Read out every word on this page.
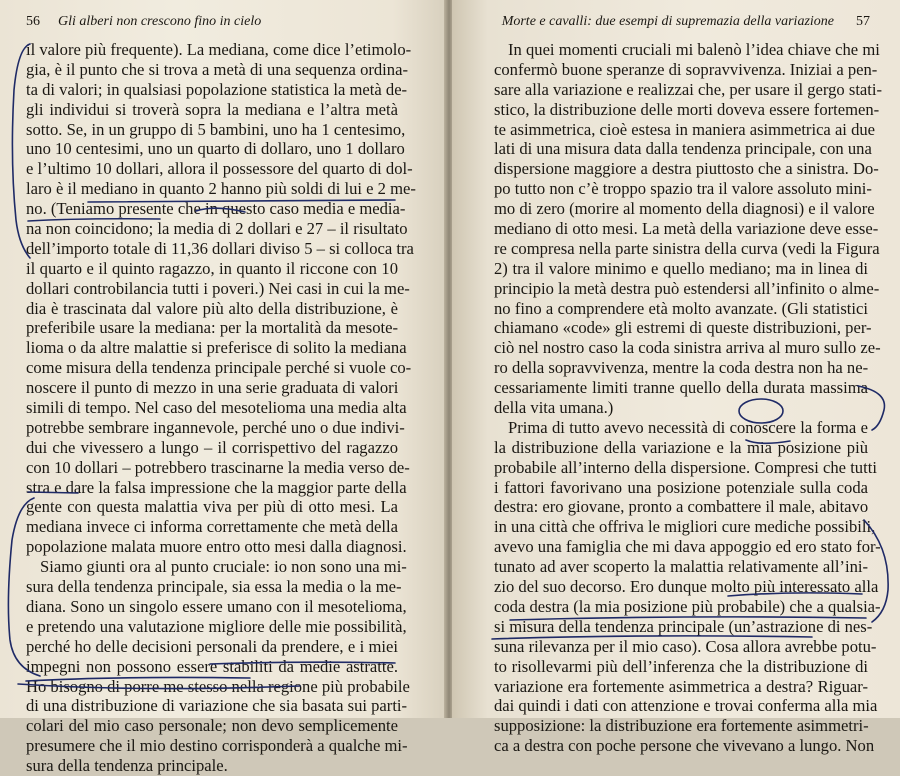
56 Gli alberi non crescono fino in cielo
il valore più frequente). La mediana, come dice l’etimolo-
gia, è il punto che si trova a metà di una sequenza ordina-
ta di valori; in qualsiasi popolazione statistica la metà de-
gli individui si troverà sopra la mediana e l’altra metà
sotto. Se, in un gruppo di 5 bambini, uno ha 1 centesimo,
uno 10 centesimi, uno un quarto di dollaro, uno 1 dollaro
e l’ultimo 10 dollari, allora il possessore del quarto di dol-
laro è il mediano in quanto 2 hanno più soldi di lui e 2 me-
no. (Teniamo presente che in questo caso media e media-
na non coincidono; la media di 2 dollari e 27 – il risultato
dell’importo totale di 11,36 dollari diviso 5 – si colloca tra
il quarto e il quinto ragazzo, in quanto il riccone con 10
dollari controbilancia tutti i poveri.) Nei casi in cui la me-
dia è trascinata dal valore più alto della distribuzione, è
preferibile usare la mediana: per la mortalità da mesote-
lioma o da altre malattie si preferisce di solito la mediana
come misura della tendenza principale perché si vuole co-
noscere il punto di mezzo in una serie graduata di valori
simili di tempo. Nel caso del mesotelioma una media alta
potrebbe sembrare ingannevole, perché uno o due indivi-
dui che vivessero a lungo – il corrispettivo del ragazzo
con 10 dollari – potrebbero trascinarne la media verso de-
stra e dare la falsa impressione che la maggior parte della
gente con questa malattia viva per più di otto mesi. La
mediana invece ci informa correttamente che metà della
popolazione malata muore entro otto mesi dalla diagnosi.
Siamo giunti ora al punto cruciale: io non sono una mi-
sura della tendenza principale, sia essa la media o la me-
diana. Sono un singolo essere umano con il mesotelioma,
e pretendo una valutazione migliore delle mie possibilità,
perché ho delle decisioni personali da prendere, e i miei
impegni non possono essere stabiliti da medie astratte.
Ho bisogno di porre me stesso nella regione più probabile
di una distribuzione di variazione che sia basata sui parti-
colari del mio caso personale; non devo semplicemente
presumere che il mio destino corrisponderà a qualche mi-
sura della tendenza principale.
Morte e cavalli: due esempi di supremazia della variazione 57
In quei momenti cruciali mi balenò l’idea chiave che mi
confermò buone speranze di sopravvivenza. Iniziai a pen-
sare alla variazione e realizzai che, per usare il gergo stati-
stico, la distribuzione delle morti doveva essere fortemen-
te asimmetrica, cioè estesa in maniera asimmetrica ai due
lati di una misura data dalla tendenza principale, con una
dispersione maggiore a destra piuttosto che a sinistra. Do-
po tutto non c’è troppo spazio tra il valore assoluto mini-
mo di zero (morire al momento della diagnosi) e il valore
mediano di otto mesi. La metà della variazione deve esse-
re compresa nella parte sinistra della curva (vedi la Figura
2) tra il valore minimo e quello mediano; ma in linea di
principio la metà destra può estendersi all’infinito o alme-
no fino a comprendere età molto avanzate. (Gli statistici
chiamano «code» gli estremi di queste distribuzioni, per-
ciò nel nostro caso la coda sinistra arriva al muro sullo ze-
ro della sopravvivenza, mentre la coda destra non ha ne-
cessariamente limiti tranne quello della durata massima
della vita umana.)
Prima di tutto avevo necessità di conoscere la forma e
la distribuzione della variazione e la mia posizione più
probabile all’interno della dispersione. Compresi che tutti
i fattori favorivano una posizione potenziale sulla coda
destra: ero giovane, pronto a combattere il male, abitavo
in una città che offriva le migliori cure mediche possibili,
avevo una famiglia che mi dava appoggio ed ero stato for-
tunato ad aver scoperto la malattia relativamente all’ini-
zio del suo decorso. Ero dunque molto più interessato alla
coda destra (la mia posizione più probabile) che a qualsia-
si misura della tendenza principale (un’astrazione di nes-
suna rilevanza per il mio caso). Cosa allora avrebbe potu-
to risollevarmi più dell’inferenza che la distribuzione di
variazione era fortemente asimmetrica a destra? Riguar-
dai quindi i dati con attenzione e trovai conferma alla mia
supposizione: la distribuzione era fortemente asimmetri-
ca a destra con poche persone che vivevano a lungo. Non
